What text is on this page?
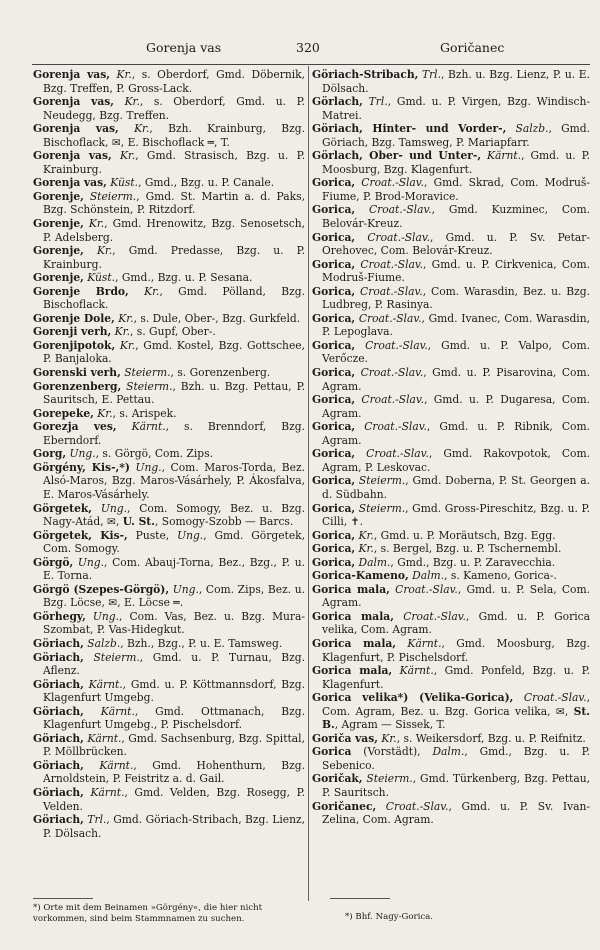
Gorenja vas	320	Goričanec

Gorenja vas, Kr., s. Oberdorf, Gmd. Döbernik, Bzg. Treffen, P. Gross-Lack.

Gorenja vas, Kr., s. Oberdorf, Gmd. u. P. Neudegg, Bzg. Treffen.

Gorenja vas, Kr., Bzh. Krainburg, Bzg. Bischoflack, ✉, E. Bischoflack ═, T.

Gorenja vas, Kr., Gmd. Strasisch, Bzg. u. P. Krainburg.

Gorenja vas, Küst., Gmd., Bzg. u. P. Canale.

Gorenje, Steierm., Gmd. St. Martin a. d. Paks, Bzg. Schönstein, P. Ritzdorf.

Gorenje, Kr., Gmd. Hrenowitz, Bzg. Senosetsch, P. Adelsberg.

Gorenje, Kr., Gmd. Predasse, Bzg. u. P. Krainburg.

Gorenje, Küst., Gmd., Bzg. u. P. Sesana.

Gorenje Brdo, Kr., Gmd. Pölland, Bzg. Bischoflack.

Gorenje Dole, Kr., s. Dule, Ober-, Bzg. Gurkfeld.

Gorenji verh, Kr., s. Gupf, Ober-.

Gorenjipotok, Kr., Gmd. Kostel, Bzg. Gottschee, P. Banjaloka.

Gorenski verh, Steierm., s. Gorenzenberg.

Gorenzenberg, Steierm., Bzh. u. Bzg. Pettau, P. Sauritsch, E. Pettau.

Gorepeke, Kr., s. Arispek.

Gorezja ves, Kärnt., s. Brenndorf, Bzg. Eberndorf.

Gorg, Ung., s. Görgö, Com. Zips.

Görgény, Kis-,*) Ung., Com. Maros-Torda, Bez. Alsó-Maros, Bzg. Maros-Vásárhely, P. Ákosfalva, E. Maros-Vásárhely.

Görgetek, Ung., Com. Somogy, Bez. u. Bzg. Nagy-Atád, ✉, U. St., Somogy-Szobb — Barcs.

Görgetek, Kis-, Puste, Ung., Gmd. Görgetek, Com. Somogy.

Görgö, Ung., Com. Abauj-Torna, Bez., Bzg., P. u. E. Torna.

Görgö (Szepes-Görgö), Ung., Com. Zips, Bez. u. Bzg. Löcse, ✉, E. Löcse ═.

Görhegy, Ung., Com. Vas, Bez. u. Bzg. Mura-Szombat, P. Vas-Hidegkut.

Göriach, Salzb., Bzh., Bzg., P. u. E. Tamsweg.

Göriach, Steierm., Gmd. u. P. Turnau, Bzg. Aflenz.

Göriach, Kärnt., Gmd. u. P. Köttmannsdorf, Bzg. Klagenfurt Umgebg.

Göriach, Kärnt., Gmd. Ottmanach, Bzg. Klagenfurt Umgebg., P. Pischelsdorf.

Göriach, Kärnt., Gmd. Sachsenburg, Bzg. Spittal, P. Möllbrücken.

Göriach, Kärnt., Gmd. Hohenthurn, Bzg. Arnoldstein, P. Feistritz a. d. Gail.

Göriach, Kärnt., Gmd. Velden, Bzg. Rosegg, P. Velden.

Göriach, Trl., Gmd. Göriach-Stribach, Bzg. Lienz, P. Dölsach.

Göriach-Stribach, Trl., Bzh. u. Bzg. Lienz, P. u. E. Dölsach.

Görlach, Trl., Gmd. u. P. Virgen, Bzg. Windisch-Matrei.

Göriach, Hinter- und Vorder-, Salzb., Gmd. Göriach, Bzg. Tamsweg, P. Mariapfarr.

Görlach, Ober- und Unter-, Kärnt., Gmd. u. P. Moosburg, Bzg. Klagenfurt.

Gorica, Croat.-Slav., Gmd. Skrad, Com. Modruš-Fiume, P. Brod-Moravice.

Gorica, Croat.-Slav., Gmd. Kuzminec, Com. Belovár-Kreuz.

Gorica, Croat.-Slav., Gmd. u. P. Sv. Petar-Orehovec, Com. Belovár-Kreuz.

Gorica, Croat.-Slav., Gmd. u. P. Cirkvenica, Com. Modruš-Fiume.

Gorica, Croat.-Slav., Com. Warasdin, Bez. u. Bzg. Ludbreg, P. Rasinya.

Gorica, Croat.-Slav., Gmd. Ivanec, Com. Warasdin, P. Lepoglava.

Gorica, Croat.-Slav., Gmd. u. P. Valpo, Com. Verőcze.

Gorica, Croat.-Slav., Gmd. u. P. Pisarovina, Com. Agram.

Gorica, Croat.-Slav., Gmd. u. P. Dugaresa, Com. Agram.

Gorica, Croat.-Slav., Gmd. u. P. Ribnik, Com. Agram.

Gorica, Croat.-Slav., Gmd. Rakovpotok, Com. Agram, P. Leskovac.

Gorica, Steierm., Gmd. Doberna, P. St. Georgen a. d. Südbahn.

Gorica, Steierm., Gmd. Gross-Pireschitz, Bzg. u. P. Cilli, ✝.

Gorica, Kr., Gmd. u. P. Moräutsch, Bzg. Egg.

Gorica, Kr., s. Bergel, Bzg. u. P. Tschernembl.

Gorica, Dalm., Gmd., Bzg. u. P. Zaravecchia.

Gorica-Kameno, Dalm., s. Kameno, Gorica-.

Gorica mala, Croat.-Slav., Gmd. u. P. Sela, Com. Agram.

Gorica mala, Croat.-Slav., Gmd. u. P. Gorica velika, Com. Agram.

Gorica mala, Kärnt., Gmd. Moosburg, Bzg. Klagenfurt, P. Pischelsdorf.

Gorica mala, Kärnt., Gmd. Ponfeld, Bzg. u. P. Klagenfurt.

Gorica velika*) (Velika-Gorica), Croat.-Slav., Com. Agram, Bez. u. Bzg. Gorica velika, ✉, St. B., Agram — Sissek, T.

Goriča vas, Kr., s. Weikersdorf, Bzg. u. P. Reifnitz.

Gorica (Vorstädt), Dalm., Gmd., Bzg. u. P. Sebenico.

Goričak, Steierm., Gmd. Türkenberg, Bzg. Pettau, P. Sauritsch.

Goričanec, Croat.-Slav., Gmd. u. P. Sv. Ivan-Zelina, Com. Agram.

*) Orte mit dem Beinamen »Görgény«, die hier nicht vorkommen, sind beim Stammnamen zu suchen.	*) Bhf. Nagy-Gorica.
